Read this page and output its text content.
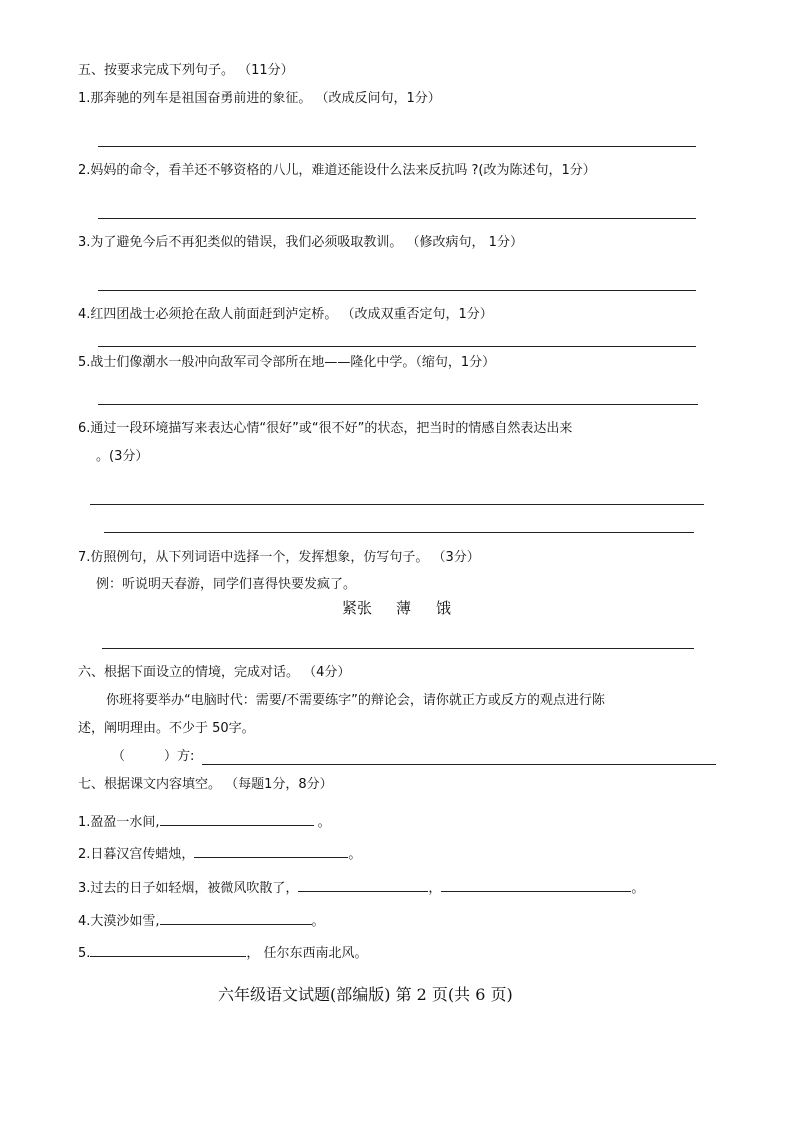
五、按要求完成下列句子。 （11分）
1.那奔驰的列车是祖国奋勇前进的象征。 （改成反问句，1分）
2.妈妈的命令，看羊还不够资格的八儿，难道还能设什么法来反抗吗 ?(改为陈述句，1分）
3.为了避免今后不再犯类似的错误，我们必须吸取教训。 （修改病句， 1分）
4.红四团战士必须抢在敌人前面赶到泸定桥。 （改成双重否定句，1分）
5.战士们像潮水一般冲向敌军司令部所在地——隆化中学。（缩句，1分）
6.通过一段环境描写来表达心情“很好”或“很不好”的状态，把当时的情感自然表达出来
。(3分）
7.仿照例句，从下列词语中选择一个，发挥想象，仿写句子。 （3分）
例：听说明天春游，同学们喜得快要发疯了。
紧张 薄 饿
六、根据下面设立的情境，完成对话。 （4分）
你班将要举办“电脑时代：需要/不需要练字”的辩论会，请你就正方或反方的观点进行陈
述，阐明理由。不少于 50字。
（	）方:
七、根据课文内容填空。 （每题1分，8分）
1.盈盈一水间,	。
2.日暮汉宫传蜡烛，	。
3.过去的日子如轻烟，被微风吹散了，	，	。
4.大漠沙如雪,	。
5.	， 任尔东西南北风。
六年级语文试题(部编版) 第 2 页(共 6 页)
